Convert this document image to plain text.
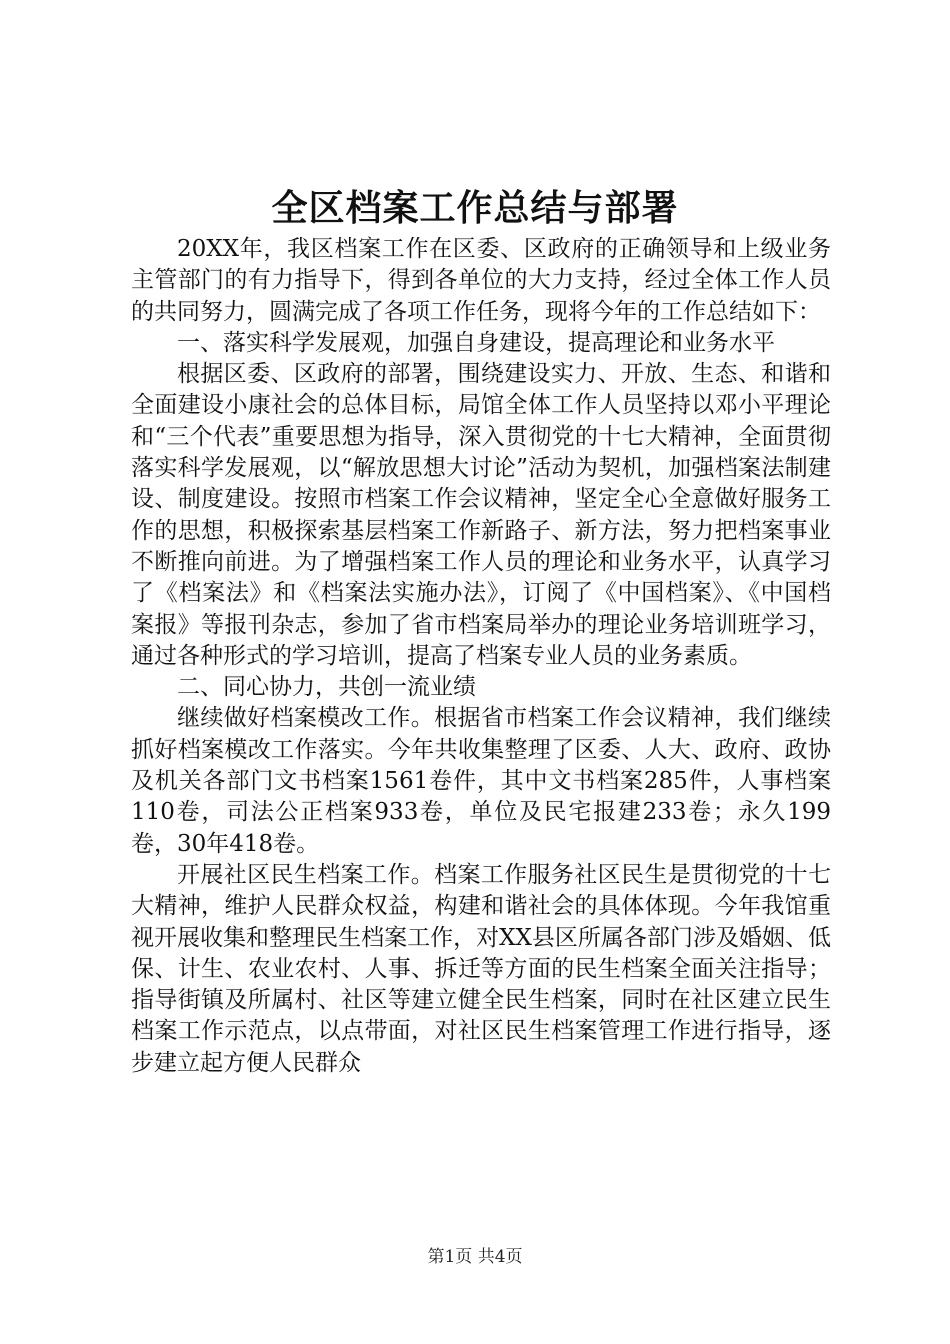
全区档案工作总结与部署

20XX年，我区档案工作在区委、区政府的正确领导和上级业务主管部门的有力指导下，得到各单位的大力支持，经过全体工作人员的共同努力，圆满完成了各项工作任务，现将今年的工作总结如下：

一、落实科学发展观，加强自身建设，提高理论和业务水平

根据区委、区政府的部署，围绕建设实力、开放、生态、和谐和全面建设小康社会的总体目标，局馆全体工作人员坚持以邓小平理论和“三个代表”重要思想为指导，深入贯彻党的十七大精神，全面贯彻落实科学发展观，以“解放思想大讨论”活动为契机，加强档案法制建设、制度建设。按照市档案工作会议精神，坚定全心全意做好服务工作的思想，积极探索基层档案工作新路子、新方法，努力把档案事业不断推向前进。为了增强档案工作人员的理论和业务水平，认真学习了《档案法》和《档案法实施办法》，订阅了《中国档案》、《中国档案报》等报刊杂志，参加了省市档案局举办的理论业务培训班学习，通过各种形式的学习培训，提高了档案专业人员的业务素质。

二、同心协力，共创一流业绩

继续做好档案模改工作。根据省市档案工作会议精神，我们继续抓好档案模改工作落实。今年共收集整理了区委、人大、政府、政协及机关各部门文书档案1561卷件，其中文书档案285件，人事档案110卷，司法公正档案933卷，单位及民宅报建233卷；永久199卷，30年418卷。

开展社区民生档案工作。档案工作服务社区民生是贯彻党的十七大精神，维护人民群众权益，构建和谐社会的具体体现。今年我馆重视开展收集和整理民生档案工作，对XX县区所属各部门涉及婚姻、低保、计生、农业农村、人事、拆迁等方面的民生档案全面关注指导；指导街镇及所属村、社区等建立健全民生档案，同时在社区建立民生档案工作示范点，以点带面，对社区民生档案管理工作进行指导，逐步建立起方便人民群众

第1页 共4页
